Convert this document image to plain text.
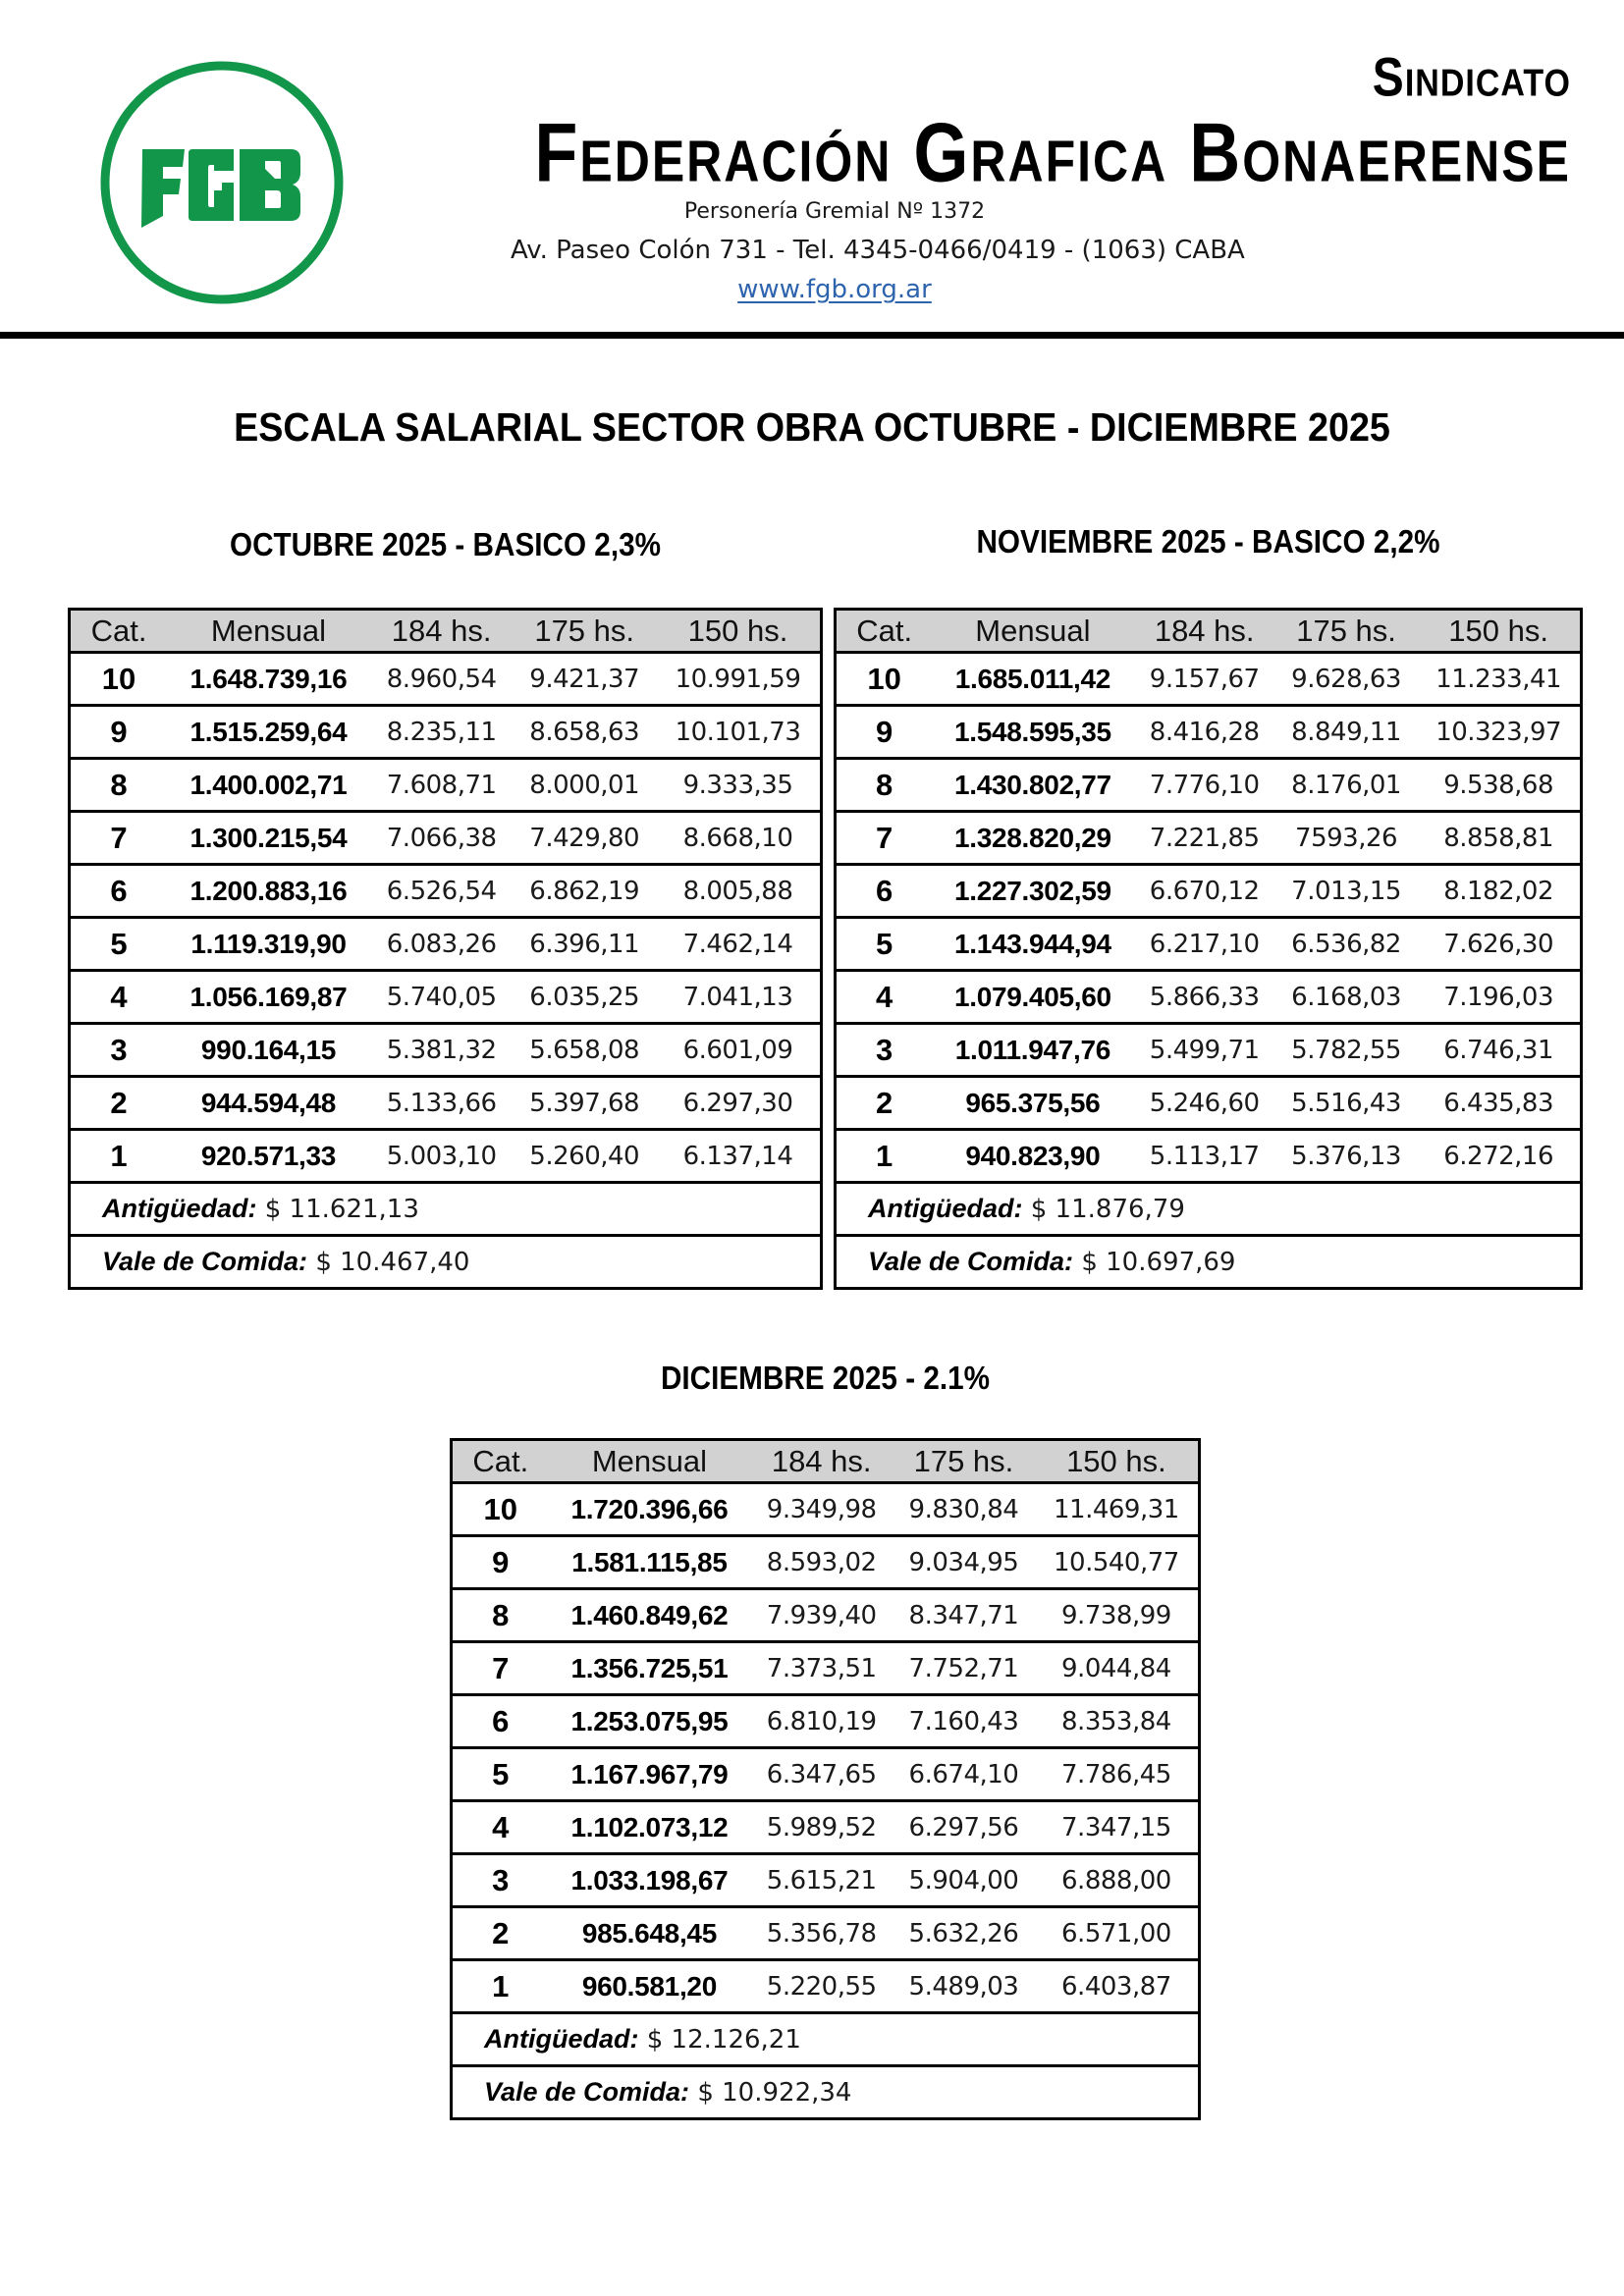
Sindicato
Federación Grafica Bonaerense
Personería Gremial Nº 1372
Av. Paseo Colón 731 - Tel. 4345-0466/0419 - (1063) CABA
www.fgb.org.ar
ESCALA SALARIAL SECTOR OBRA OCTUBRE - DICIEMBRE 2025
OCTUBRE 2025 - BASICO 2,3%	NOVIEMBRE 2025 - BASICO 2,2%
DICIEMBRE 2025 - 2.1%
Cat.	Mensual	184 hs.	175 hs.	150 hs.
10	1.648.739,16	8.960,54	9.421,37	10.991,59
9	1.515.259,64	8.235,11	8.658,63	10.101,73
8	1.400.002,71	7.608,71	8.000,01	9.333,35
7	1.300.215,54	7.066,38	7.429,80	8.668,10
6	1.200.883,16	6.526,54	6.862,19	8.005,88
5	1.119.319,90	6.083,26	6.396,11	7.462,14
4	1.056.169,87	5.740,05	6.035,25	7.041,13
3	990.164,15	5.381,32	5.658,08	6.601,09
2	944.594,48	5.133,66	5.397,68	6.297,30
1	920.571,33	5.003,10	5.260,40	6.137,14
Antigüedad: $ 11.621,13				
Vale de Comida: $ 10.467,40				
Cat.	Mensual	184 hs.	175 hs.	150 hs.
10	1.685.011,42	9.157,67	9.628,63	11.233,41
9	1.548.595,35	8.416,28	8.849,11	10.323,97
8	1.430.802,77	7.776,10	8.176,01	9.538,68
7	1.328.820,29	7.221,85	7593,26	8.858,81
6	1.227.302,59	6.670,12	7.013,15	8.182,02
5	1.143.944,94	6.217,10	6.536,82	7.626,30
4	1.079.405,60	5.866,33	6.168,03	7.196,03
3	1.011.947,76	5.499,71	5.782,55	6.746,31
2	965.375,56	5.246,60	5.516,43	6.435,83
1	940.823,90	5.113,17	5.376,13	6.272,16
Antigüedad: $ 11.876,79				
Vale de Comida: $ 10.697,69				
Cat.	Mensual	184 hs.	175 hs.	150 hs.
10	1.720.396,66	9.349,98	9.830,84	11.469,31
9	1.581.115,85	8.593,02	9.034,95	10.540,77
8	1.460.849,62	7.939,40	8.347,71	9.738,99
7	1.356.725,51	7.373,51	7.752,71	9.044,84
6	1.253.075,95	6.810,19	7.160,43	8.353,84
5	1.167.967,79	6.347,65	6.674,10	7.786,45
4	1.102.073,12	5.989,52	6.297,56	7.347,15
3	1.033.198,67	5.615,21	5.904,00	6.888,00
2	985.648,45	5.356,78	5.632,26	6.571,00
1	960.581,20	5.220,55	5.489,03	6.403,87
Antigüedad: $ 12.126,21				
Vale de Comida: $ 10.922,34				
